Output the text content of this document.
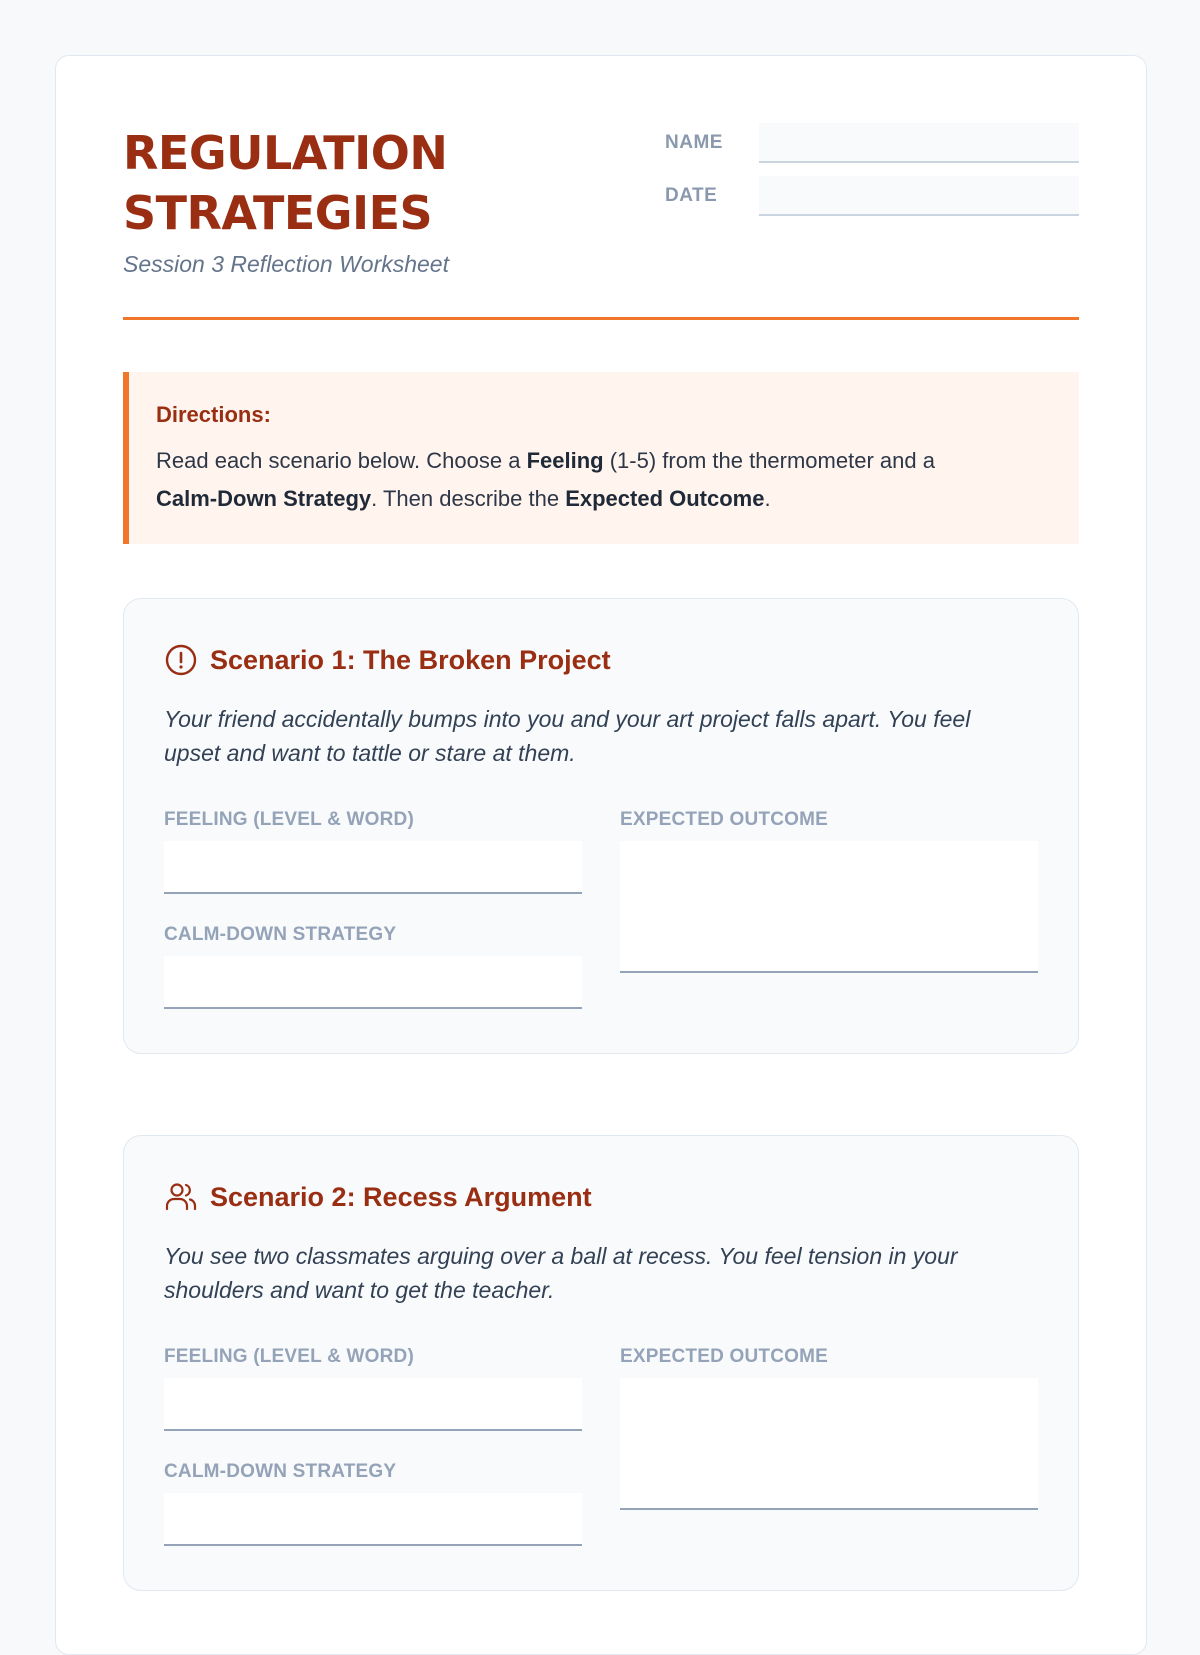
REGULATION
STRATEGIES
Session 3 Reflection Worksheet
NAME
DATE
Directions:
Read each scenario below. Choose a Feeling (1-5) from the thermometer and a
Calm-Down Strategy. Then describe the Expected Outcome.
Scenario 1: The Broken Project
Your friend accidentally bumps into you and your art project falls apart. You feel upset and want to tattle or stare at them.
FEELING (LEVEL & WORD)
CALM-DOWN STRATEGY
EXPECTED OUTCOME
Scenario 2: Recess Argument
You see two classmates arguing over a ball at recess. You feel tension in your shoulders and want to get the teacher.
FEELING (LEVEL & WORD)
CALM-DOWN STRATEGY
EXPECTED OUTCOME
